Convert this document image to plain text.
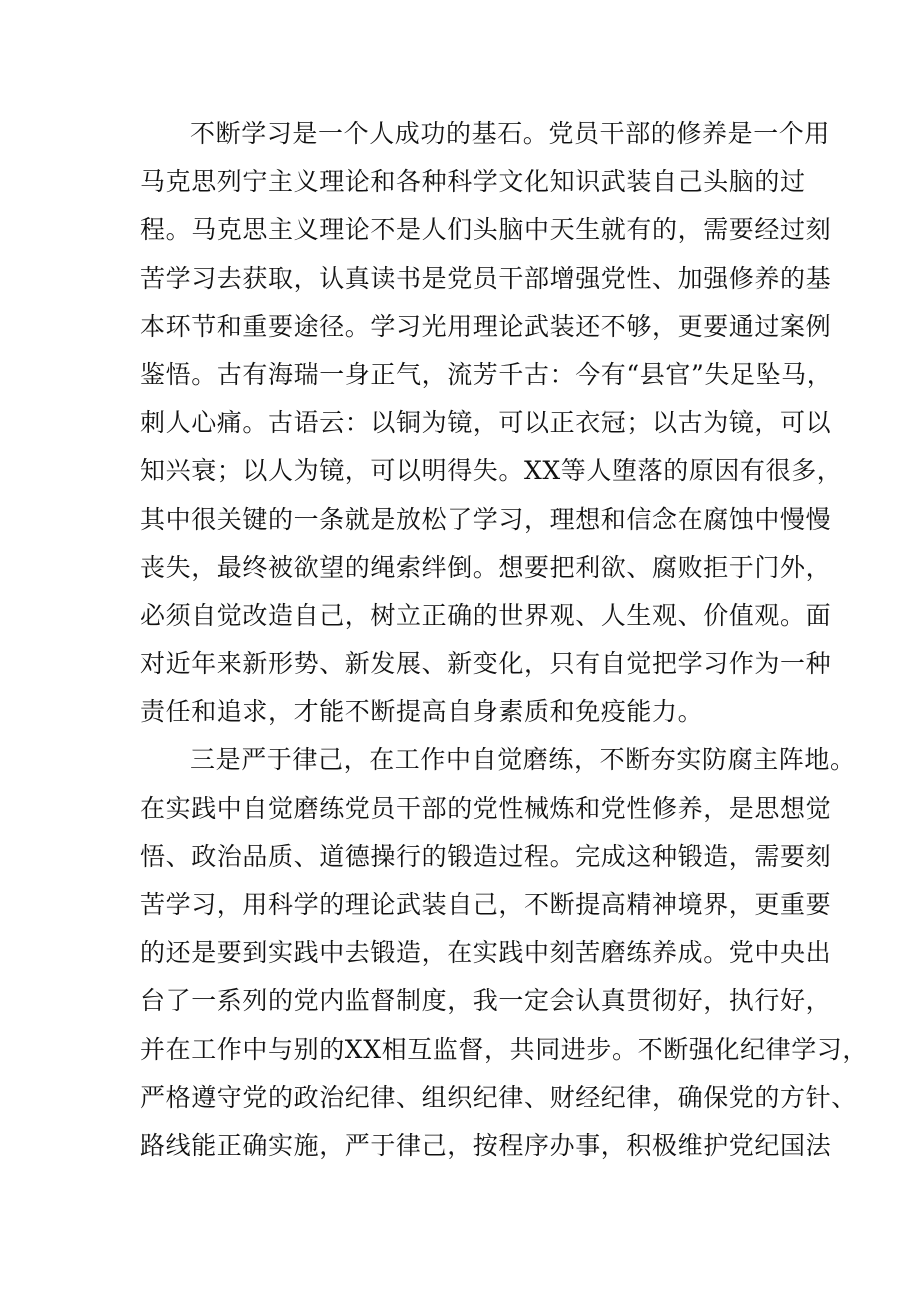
不断学习是一个人成功的基石。党员干部的修养是一个用
马克思列宁主义理论和各种科学文化知识武装自己头脑的过
程。马克思主义理论不是人们头脑中天生就有的，需要经过刻
苦学习去获取，认真读书是党员干部增强党性、加强修养的基
本环节和重要途径。学习光用理论武装还不够，更要通过案例
鉴悟。古有海瑞一身正气，流芳千古：今有“县官”失足坠马，
刺人心痛。古语云：以铜为镜，可以正衣冠；以古为镜，可以
知兴衰；以人为镜，可以明得失。XX等人堕落的原因有很多，
其中很关键的一条就是放松了学习，理想和信念在腐蚀中慢慢
丧失，最终被欲望的绳索绊倒。想要把利欲、腐败拒于门外，
必须自觉改造自己，树立正确的世界观、人生观、价值观。面
对近年来新形势、新发展、新变化，只有自觉把学习作为一种
责任和追求，才能不断提高自身素质和免疫能力。
三是严于律己，在工作中自觉磨练，不断夯实防腐主阵地。
在实践中自觉磨练党员干部的党性械炼和党性修养，是思想觉
悟、政治品质、道德操行的锻造过程。完成这种锻造，需要刻
苦学习，用科学的理论武装自己，不断提高精神境界，更重要
的还是要到实践中去锻造，在实践中刻苦磨练养成。党中央出
台了一系列的党内监督制度，我一定会认真贯彻好，执行好，
并在工作中与别的XX相互监督，共同进步。不断强化纪律学习，
严格遵守党的政治纪律、组织纪律、财经纪律，确保党的方针、
路线能正确实施，严于律己，按程序办事，积极维护党纪国法
